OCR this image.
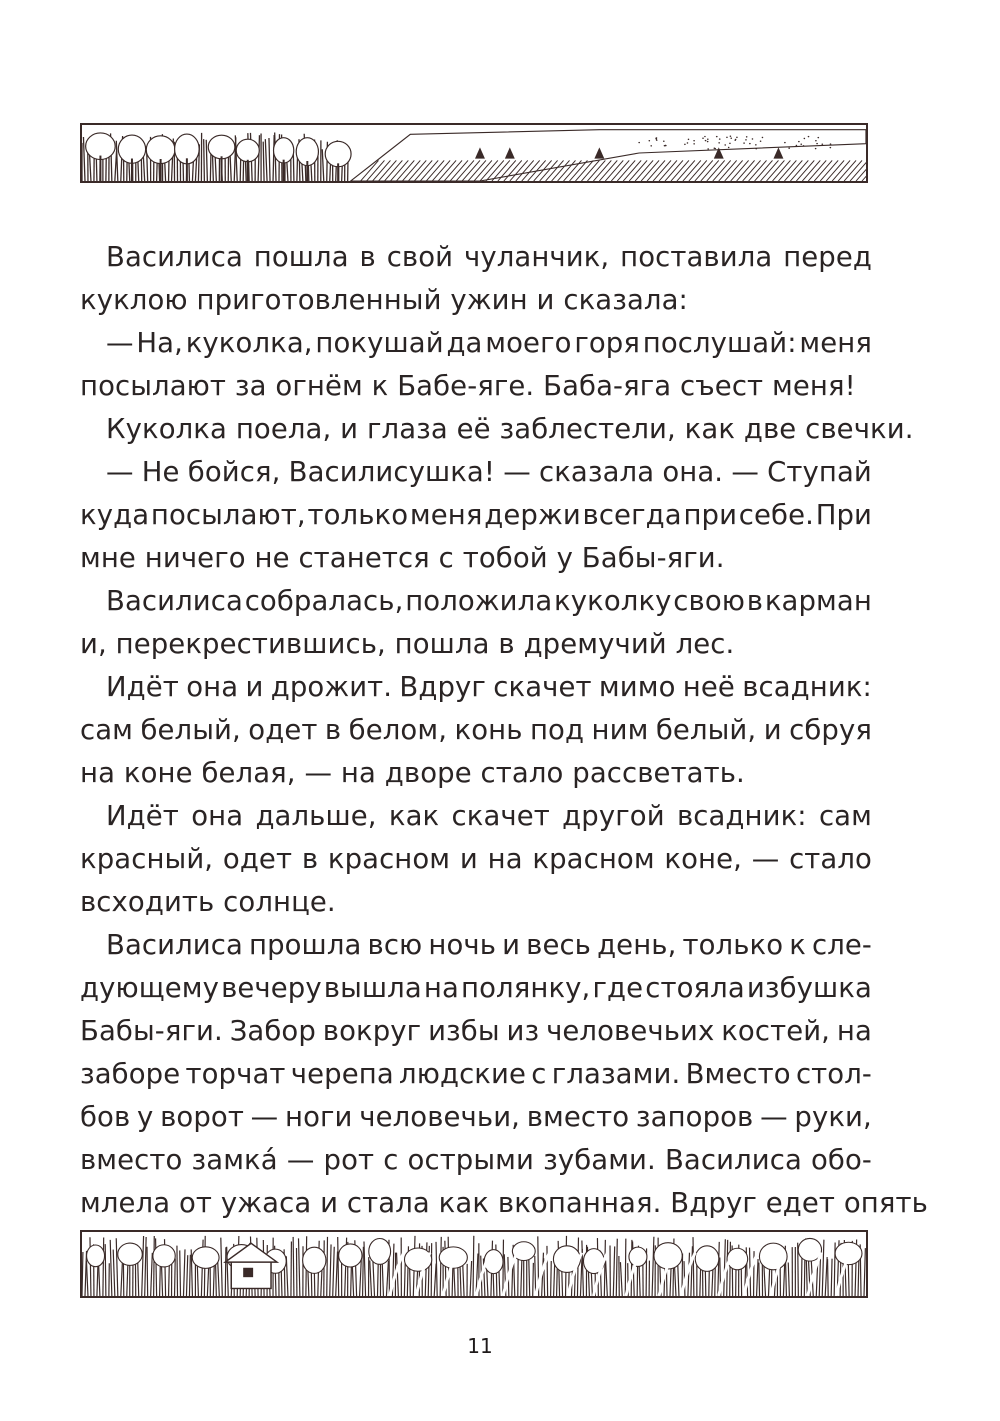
Василиса пошла в свой чуланчик, поставила перед
куклою приготовленный ужин и сказала:
— На, куколка, покушай да моего горя послушай: меня
посылают за огнём к Бабе-яге. Баба-яга съест меня!
Куколка поела, и глаза её заблестели, как две свечки.
— Не бойся, Василисушка! — сказала она. — Ступай
куда посылают, только меня держи всегда при себе. При
мне ничего не станется с тобой у Бабы-яги.
Василиса собралась, положила куколку свою в карман
и, перекрестившись, пошла в дремучий лес.
Идёт она и дрожит. Вдруг скачет мимо неё всадник:
сам белый, одет в белом, конь под ним белый, и сбруя
на коне белая, — на дворе стало рассветать.
Идёт она дальше, как скачет другой всадник: сам
красный, одет в красном и на красном коне, — стало
всходить солнце.
Василиса прошла всю ночь и весь день, только к сле-
дующему вечеру вышла на полянку, где стояла избушка
Бабы-яги. Забор вокруг избы из человечьих костей, на
заборе торчат черепа людские с глазами. Вместо стол-
бов у ворот — ноги человечьи, вместо запоров — руки,
вместо замка́ — рот с острыми зубами. Василиса обо-
млела от ужаса и стала как вкопанная. Вдруг едет опять
11
